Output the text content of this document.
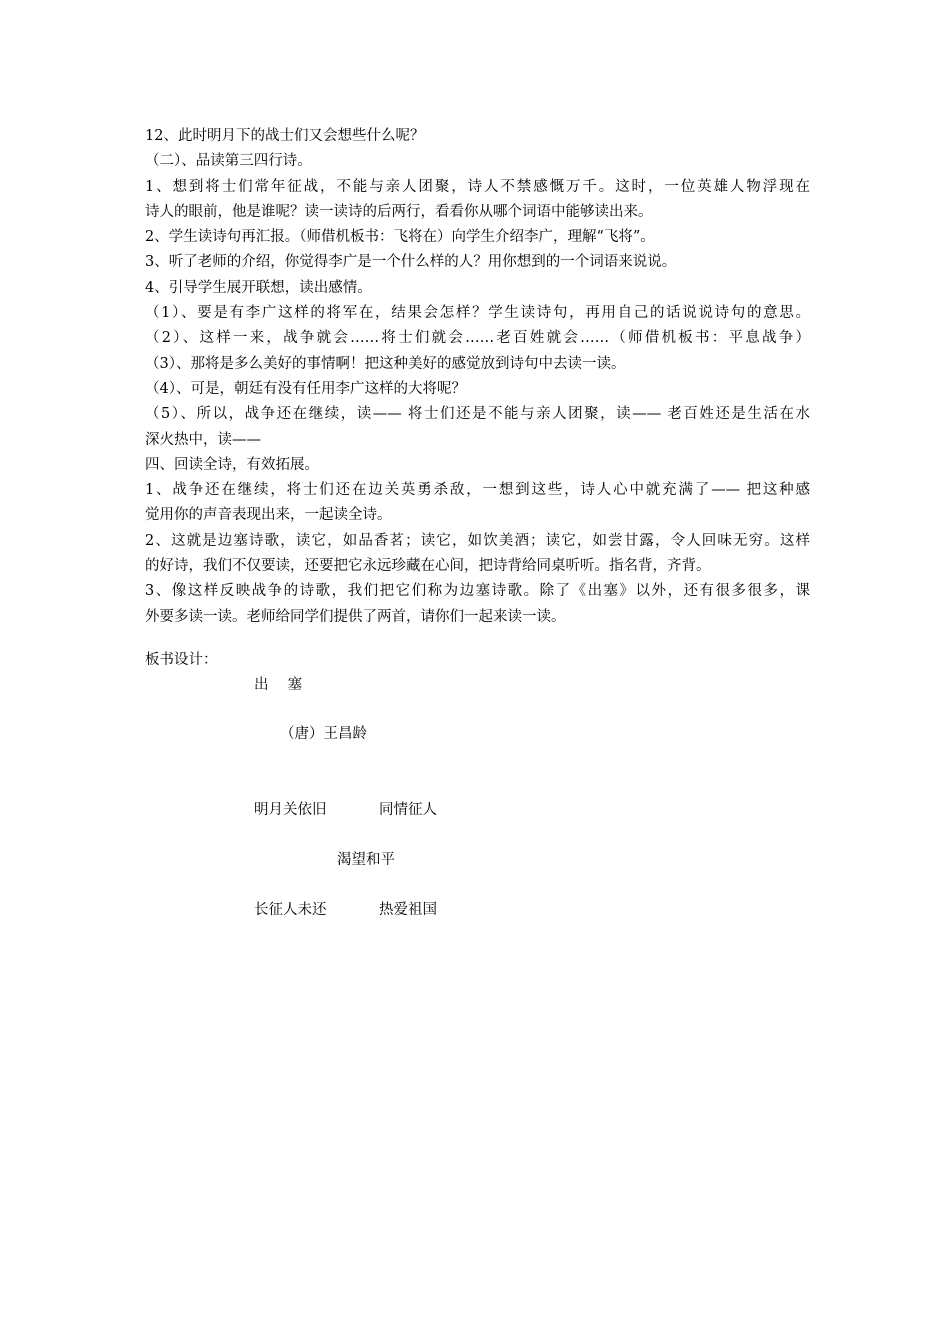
12、此时明月下的战士们又会想些什么呢？
（二）、品读第三四行诗。
1、想到将士们常年征战，不能与亲人团聚，诗人不禁感慨万千。这时，一位英雄人物浮现在
诗人的眼前，他是谁呢？读一读诗的后两行，看看你从哪个词语中能够读出来。
2、学生读诗句再汇报。（师借机板书：飞将在）向学生介绍李广，理解“飞将”。
3、听了老师的介绍，你觉得李广是一个什么样的人？用你想到的一个词语来说说。
4、引导学生展开联想，读出感情。
（1）、要是有李广这样的将军在，结果会怎样？学生读诗句，再用自己的话说说诗句的意思。
（2）、这样一来，战争就会……将士们就会……老百姓就会……（师借机板书：平息战争）
（3）、那将是多么美好的事情啊！把这种美好的感觉放到诗句中去读一读。
（4）、可是，朝廷有没有任用李广这样的大将呢？
（5）、所以，战争还在继续，读—— 将士们还是不能与亲人团聚，读—— 老百姓还是生活在水
深火热中，读——
四、回读全诗，有效拓展。
1、战争还在继续，将士们还在边关英勇杀敌，一想到这些，诗人心中就充满了—— 把这种感
觉用你的声音表现出来，一起读全诗。
2、这就是边塞诗歌，读它，如品香茗；读它，如饮美酒；读它，如尝甘露，令人回味无穷。这样
的好诗，我们不仅要读，还要把它永远珍藏在心间，把诗背给同桌听听。指名背，齐背。
3、像这样反映战争的诗歌，我们把它们称为边塞诗歌。除了《出塞》以外，还有很多很多，课
外要多读一读。老师给同学们提供了两首，请你们一起来读一读。
板书设计：
出　 塞
（唐）王昌龄
明月关依旧	同情征人
渴望和平
长征人未还	热爱祖国
